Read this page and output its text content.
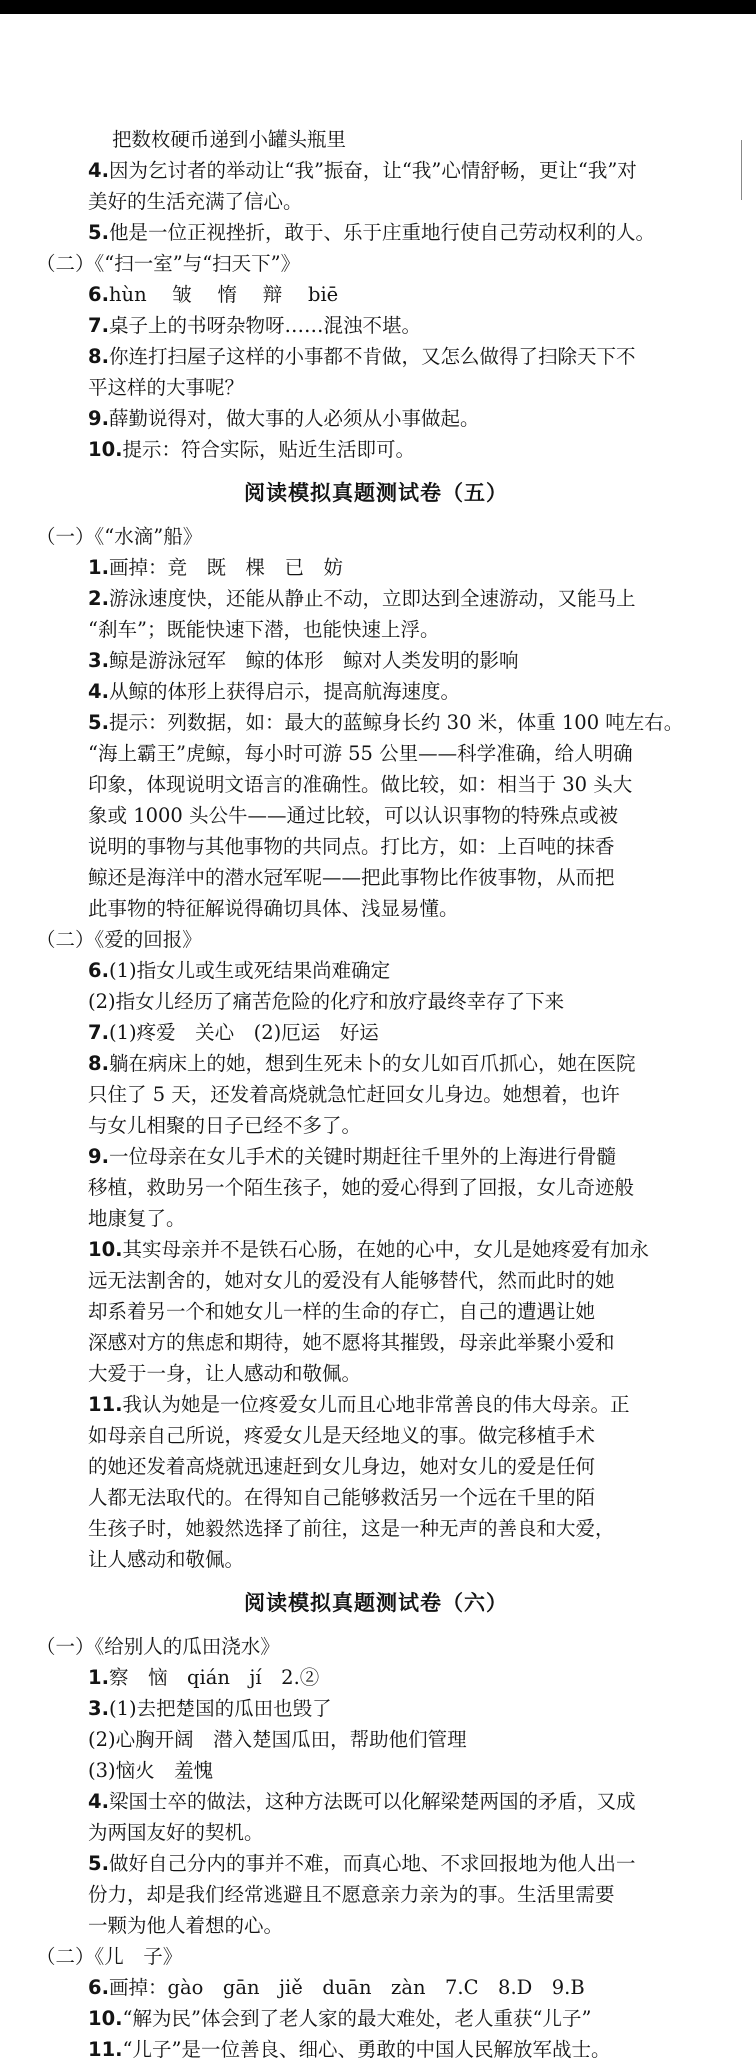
把数枚硬币递到小罐头瓶里
4.因为乞讨者的举动让“我”振奋，让“我”心情舒畅，更让“我”对
美好的生活充满了信心。
5.他是一位正视挫折，敢于、乐于庄重地行使自己劳动权利的人。
（二）《“扫一室”与“扫天下”》
6.hùn　 皱　 惰　 辩　 biē
7.桌子上的书呀杂物呀……混浊不堪。
8.你连打扫屋子这样的小事都不肯做，又怎么做得了扫除天下不
平这样的大事呢？
9.薛勤说得对，做大事的人必须从小事做起。
10.提示：符合实际，贴近生活即可。
阅读模拟真题测试卷（五）
（一）《“水滴”船》
1.画掉：竞　既　棵　已　妨
2.游泳速度快，还能从静止不动，立即达到全速游动，又能马上
“刹车”；既能快速下潜，也能快速上浮。
3.鲸是游泳冠军　鲸的体形　鲸对人类发明的影响
4.从鲸的体形上获得启示，提高航海速度。
5.提示：列数据，如：最大的蓝鲸身长约 30 米，体重 100 吨左右。
“海上霸王”虎鲸，每小时可游 55 公里——科学准确，给人明确
印象，体现说明文语言的准确性。做比较，如：相当于 30 头大
象或 1000 头公牛——通过比较，可以认识事物的特殊点或被
说明的事物与其他事物的共同点。打比方，如：上百吨的抹香
鲸还是海洋中的潜水冠军呢——把此事物比作彼事物，从而把
此事物的特征解说得确切具体、浅显易懂。
（二）《爱的回报》
6.(1)指女儿或生或死结果尚难确定
(2)指女儿经历了痛苦危险的化疗和放疗最终幸存了下来
7.(1)疼爱　关心　(2)厄运　好运
8.躺在病床上的她，想到生死未卜的女儿如百爪抓心，她在医院
只住了 5 天，还发着高烧就急忙赶回女儿身边。她想着，也许
与女儿相聚的日子已经不多了。
9.一位母亲在女儿手术的关键时期赶往千里外的上海进行骨髓
移植，救助另一个陌生孩子，她的爱心得到了回报，女儿奇迹般
地康复了。
10.其实母亲并不是铁石心肠，在她的心中，女儿是她疼爱有加永
远无法割舍的，她对女儿的爱没有人能够替代，然而此时的她
却系着另一个和她女儿一样的生命的存亡，自己的遭遇让她
深感对方的焦虑和期待，她不愿将其摧毁，母亲此举聚小爱和
大爱于一身，让人感动和敬佩。
11.我认为她是一位疼爱女儿而且心地非常善良的伟大母亲。正
如母亲自己所说，疼爱女儿是天经地义的事。做完移植手术
的她还发着高烧就迅速赶到女儿身边，她对女儿的爱是任何
人都无法取代的。在得知自己能够救活另一个远在千里的陌
生孩子时，她毅然选择了前往，这是一种无声的善良和大爱，
让人感动和敬佩。
阅读模拟真题测试卷（六）
（一）《给别人的瓜田浇水》
1.察　恼　qián　jí　2.②
3.(1)去把楚国的瓜田也毁了
(2)心胸开阔　潜入楚国瓜田，帮助他们管理
(3)恼火　羞愧
4.梁国士卒的做法，这种方法既可以化解梁楚两国的矛盾，又成
为两国友好的契机。
5.做好自己分内的事并不难，而真心地、不求回报地为他人出一
份力，却是我们经常逃避且不愿意亲力亲为的事。生活里需要
一颗为他人着想的心。
（二）《儿　子》
6.画掉：gào　gān　jiě　duān　zàn　7.C　8.D　9.B
10.“解为民”体会到了老人家的最大难处，老人重获“儿子”
11.“儿子”是一位善良、细心、勇敢的中国人民解放军战士。
